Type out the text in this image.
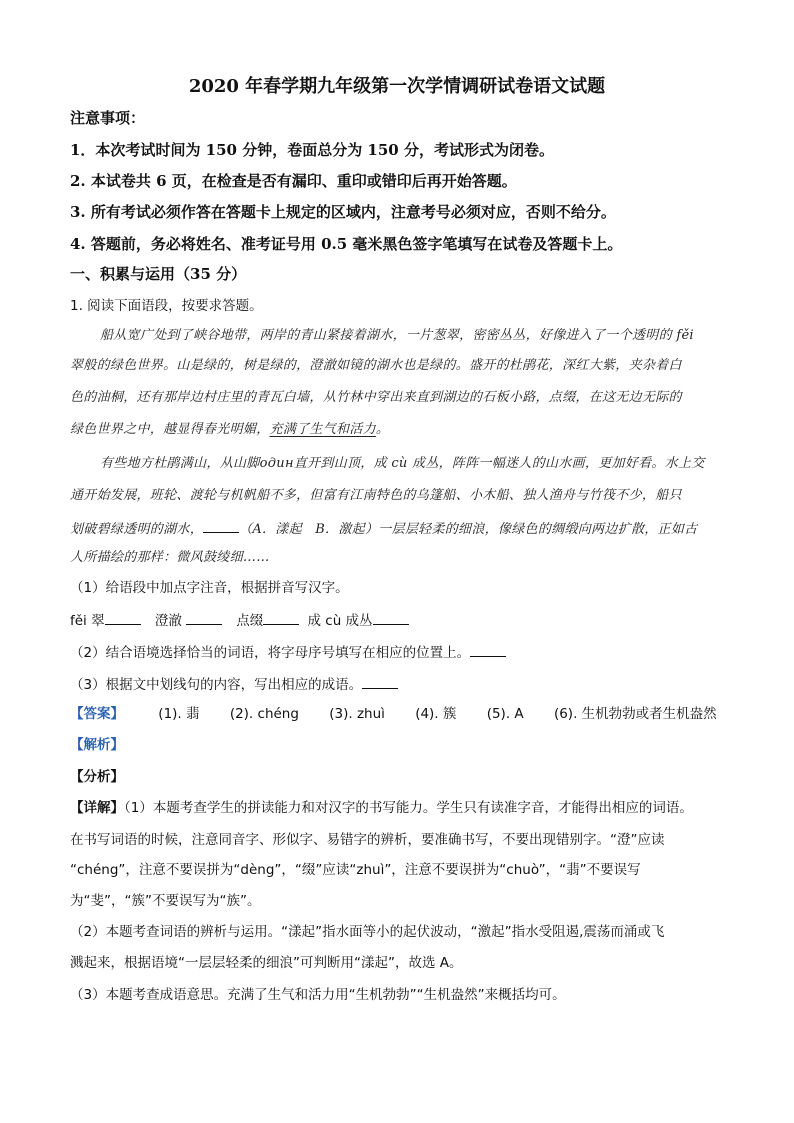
2020 年春学期九年级第一次学情调研试卷语文试题
注意事项：
1．本次考试时间为 150 分钟，卷面总分为 150 分，考试形式为闭卷。
2. 本试卷共 6 页，在检查是否有漏印、重印或错印后再开始答题。
3. 所有考试必须作答在答题卡上规定的区域内，注意考号必须对应，否则不给分。
4. 答题前，务必将姓名、准考证号用 0.5 毫米黑色签字笔填写在试卷及答题卡上。
一、积累与运用（35 分）
1. 阅读下面语段，按要求答题。
船从宽广处到了峡谷地带，两岸的青山紧接着湖水，一片葱翠，密密丛丛，好像进入了一个透明的 fěi
翠般的绿色世界。山是绿的，树是绿的，澄澈如镜的湖水也是绿的。盛开的杜鹃花，深红大紫，夹杂着白
色的油桐，还有那岸边村庄里的青瓦白墙，从竹林中穿出来直到湖边的石板小路，点缀，在这无边无际的
绿色世界之中，越显得春光明媚，充满了生气和活力。
有些地方杜鹃满山，从山脚один直开到山顶，成 cù 成丛，阵阵一幅迷人的山水画，更加好看。水上交
通开始发展，班轮、渡轮与机帆船不多，但富有江南特色的乌篷船、小木船、独人渔舟与竹筏不少，船只
划破碧绿透明的湖水，	（A．漾起　B．激起）一层层轻柔的细浪，像绿色的绸缎向两边扩散，正如古
人所描绘的那样：微风鼓绫细……
（1）给语段中加点字注音，根据拼音写汉字。
fěi 翠	澄澈	点缀	成 cù 成丛
（2）结合语境选择恰当的词语，将字母序号填写在相应的位置上。
（3）根据文中划线句的内容，写出相应的成语。
【答案】	(1). 翡 (2). chéng (3). zhuì (4). 簇 (5). A (6). 生机勃勃或者生机盎然
【解析】
【分析】
【详解】（1）本题考查学生的拼读能力和对汉字的书写能力。学生只有读准字音，才能得出相应的词语。
在书写词语的时候，注意同音字、形似字、易错字的辨析，要准确书写，不要出现错别字。“澄”应读
“chéng”，注意不要误拼为“dèng”，“缀”应读“zhuì”，注意不要误拼为“chuò”，“翡”不要误写
为“斐”，“簇”不要误写为“族”。
（2）本题考查词语的辨析与运用。“漾起”指水面等小的起伏波动，“激起”指水受阻遏,震荡而涌或飞
溅起来，根据语境“一层层轻柔的细浪”可判断用“漾起”，故选 A。
（3）本题考查成语意思。充满了生气和活力用“生机勃勃”“生机盎然”来概括均可。
